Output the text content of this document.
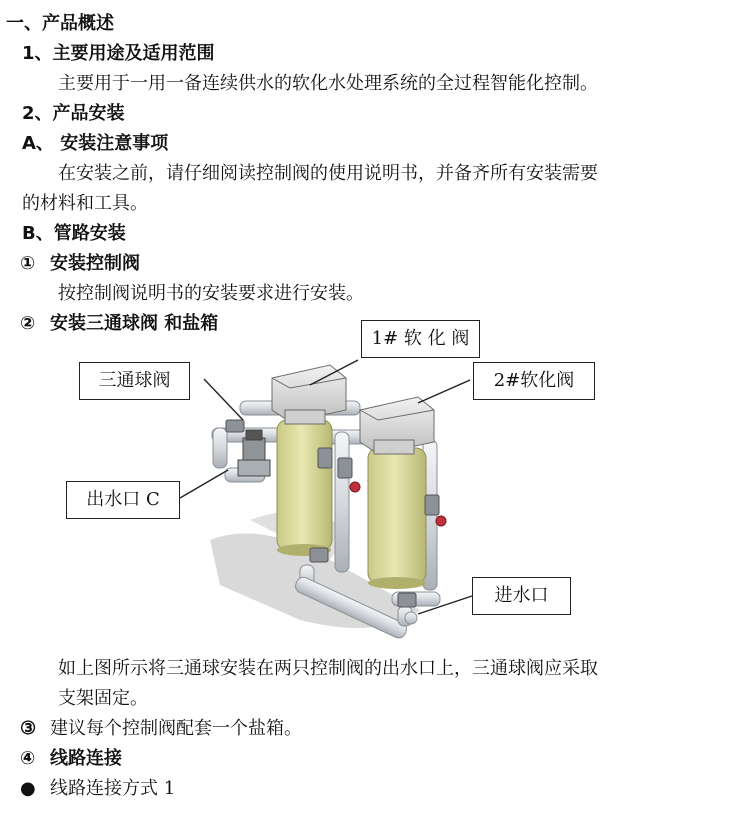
一、产品概述
1、主要用途及适用范围
主要用于一用一备连续供水的软化水处理系统的全过程智能化控制。
2、产品安装
A、 安装注意事项
在安装之前，请仔细阅读控制阀的使用说明书，并备齐所有安装需要
的材料和工具。
B、管路安装
① 安装控制阀
按控制阀说明书的安装要求进行安装。
② 安装三通球阀 和盐箱
1# 软 化 阀
2#软化阀
三通球阀
出水口 C
进水口
如上图所示将三通球安装在两只控制阀的出水口上，三通球阀应采取
支架固定。
③ 建议每个控制阀配套一个盐箱。
④ 线路连接
● 线路连接方式 1
